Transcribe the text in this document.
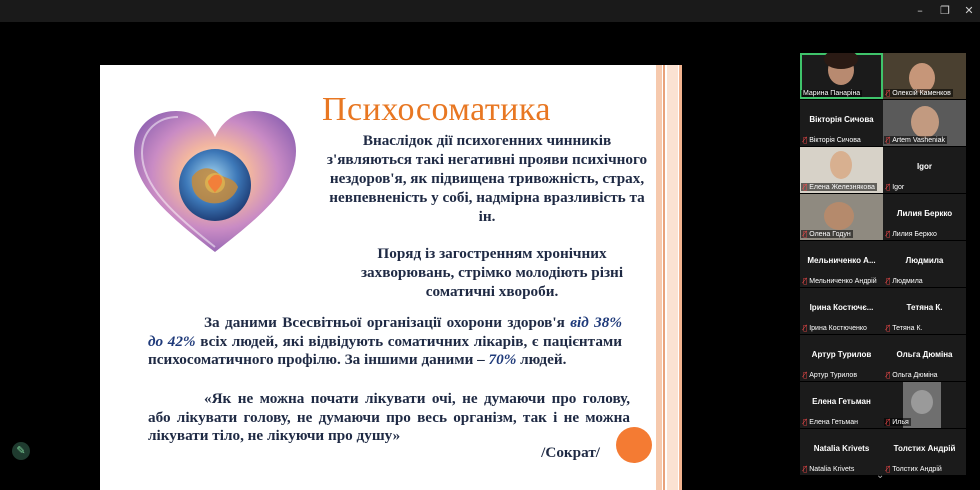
–	❐	✕
Психосоматика
Внаслідок дії психогенних чинників з'являються такі негативні прояви психічного нездоров'я, як підвищена тривожність, страх, невпевненість у собі, надмірна вразливість та ін.
Поряд із загостренням хронічних захворювань, стрімко молодіють різні соматичні хвороби.
За даними Всесвітньої організації охорони здоров'я від 38% до 42% всіх людей, які відвідують соматичних лікарів, є пацієнтами психосоматичного профілю. За іншими даними – 70% людей.
«Як не можна почати лікувати очі, не думаючи про голову, або лікувати голову, не думаючи про весь організм, так і не можна лікувати тіло, не лікуючи про душу»
/Сократ/
✎
Марина Панаріна	🎙̸ Олексій Каменков
Вікторія Сичова
🎙̸ Вікторія Сичова	🎙̸ Artem Vasheniak
🎙̸ Елена Железнякова
Igor
🎙̸ Igor
🎙̸ Олена Годун
Лилия Беркко
🎙̸ Лилия Беркко
Мельниченко А...
🎙̸ Мельниченко Андрій
Людмила
🎙̸ Людмила
Ірина Костючє...
🎙̸ Ірина Костюченко
Тетяна К.
🎙̸ Тетяна К.
Артур Турилов
🎙̸ Артур Турилов
Ольга Дюміна
🎙̸ Ольга Дюміна
Елена Гетьман
🎙̸ Елена Гетьман	🎙̸ Илья
Natalia Krivets
🎙̸ Natalia Krivets
Толстих Андрій
🎙̸ Толстих Андрій
⌄
